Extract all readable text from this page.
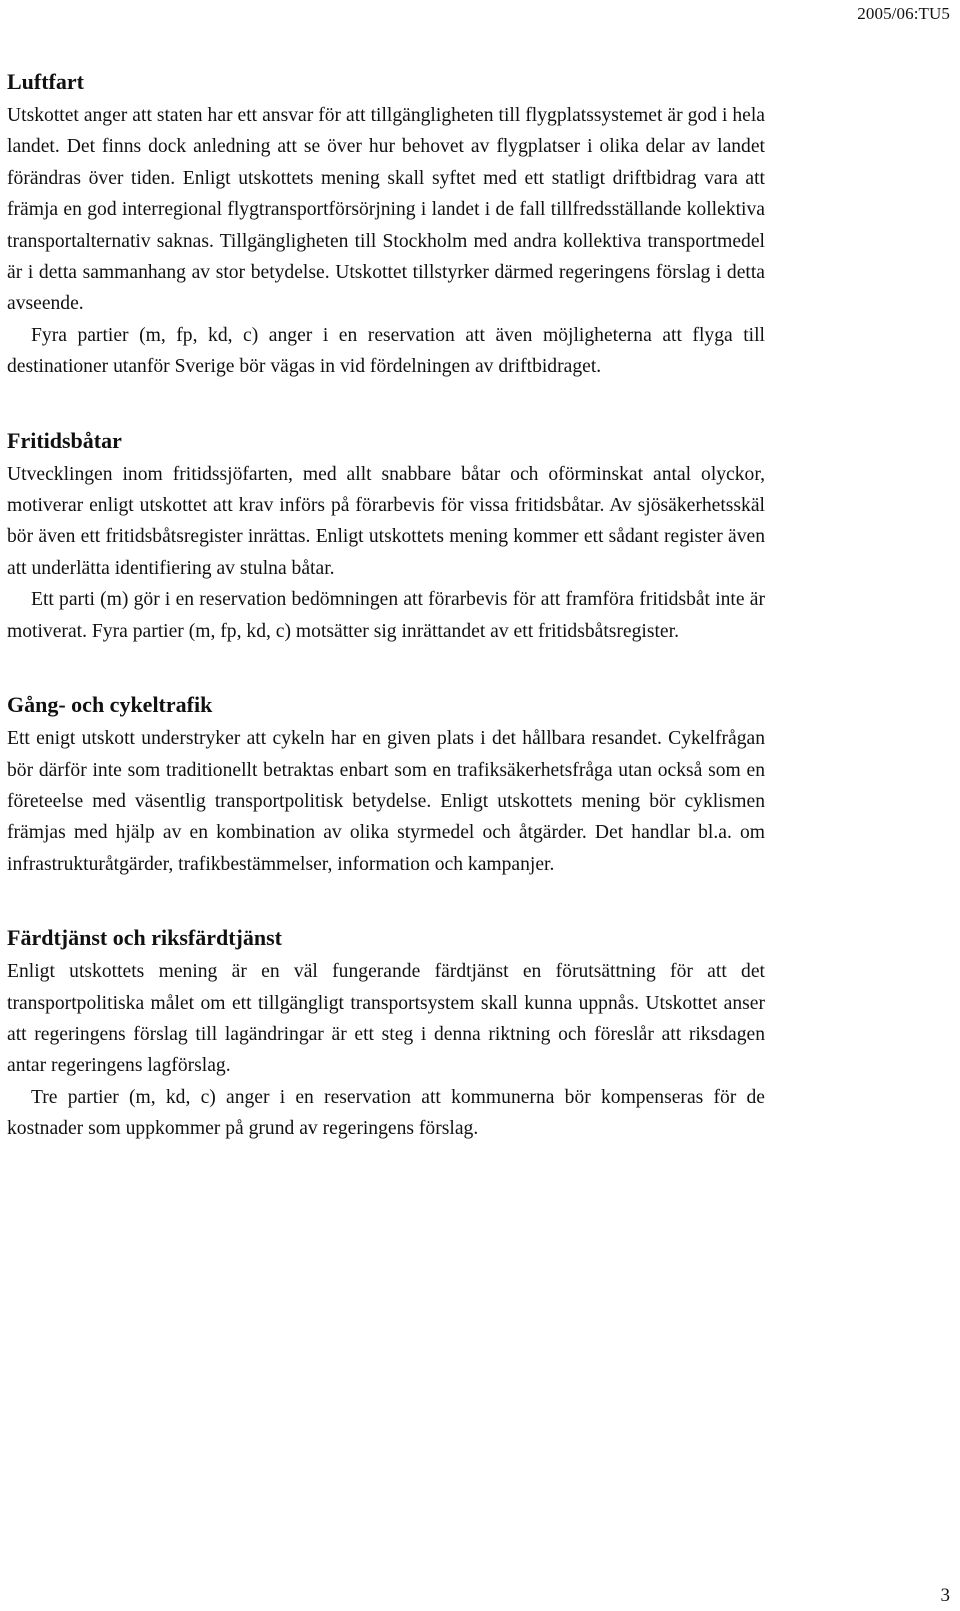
2005/06:TU5
Luftfart

Utskottet anger att staten har ett ansvar för att tillgängligheten till flygplatssystemet är god i hela landet. Det finns dock anledning att se över hur behovet av flygplatser i olika delar av landet förändras över tiden. Enligt utskottets mening skall syftet med ett statligt driftbidrag vara att främja en god interregional flygtransportförsörjning i landet i de fall tillfredsställande kollektiva transportalternativ saknas. Tillgängligheten till Stockholm med andra kollektiva transportmedel är i detta sammanhang av stor betydelse. Utskottet tillstyrker därmed regeringens förslag i detta avseende.

Fyra partier (m, fp, kd, c) anger i en reservation att även möjligheterna att flyga till destinationer utanför Sverige bör vägas in vid fördelningen av driftbidraget.

Fritidsbåtar

Utvecklingen inom fritidssjöfarten, med allt snabbare båtar och oförminskat antal olyckor, motiverar enligt utskottet att krav införs på förarbevis för vissa fritidsbåtar. Av sjösäkerhetsskäl bör även ett fritidsbåtsregister inrättas. Enligt utskottets mening kommer ett sådant register även att underlätta identifiering av stulna båtar.

Ett parti (m) gör i en reservation bedömningen att förarbevis för att framföra fritidsbåt inte är motiverat. Fyra partier (m, fp, kd, c) motsätter sig inrättandet av ett fritidsbåtsregister.

Gång- och cykeltrafik

Ett enigt utskott understryker att cykeln har en given plats i det hållbara resandet. Cykelfrågan bör därför inte som traditionellt betraktas enbart som en trafiksäkerhetsfråga utan också som en företeelse med väsentlig transportpolitisk betydelse. Enligt utskottets mening bör cyklismen främjas med hjälp av en kombination av olika styrmedel och åtgärder. Det handlar bl.a. om infrastrukturåtgärder, trafikbestämmelser, information och kampanjer.

Färdtjänst och riksfärdtjänst

Enligt utskottets mening är en väl fungerande färdtjänst en förutsättning för att det transportpolitiska målet om ett tillgängligt transportsystem skall kunna uppnås. Utskottet anser att regeringens förslag till lagändringar är ett steg i denna riktning och föreslår att riksdagen antar regeringens lagförslag.

Tre partier (m, kd, c) anger i en reservation att kommunerna bör kompenseras för de kostnader som uppkommer på grund av regeringens förslag.

3
